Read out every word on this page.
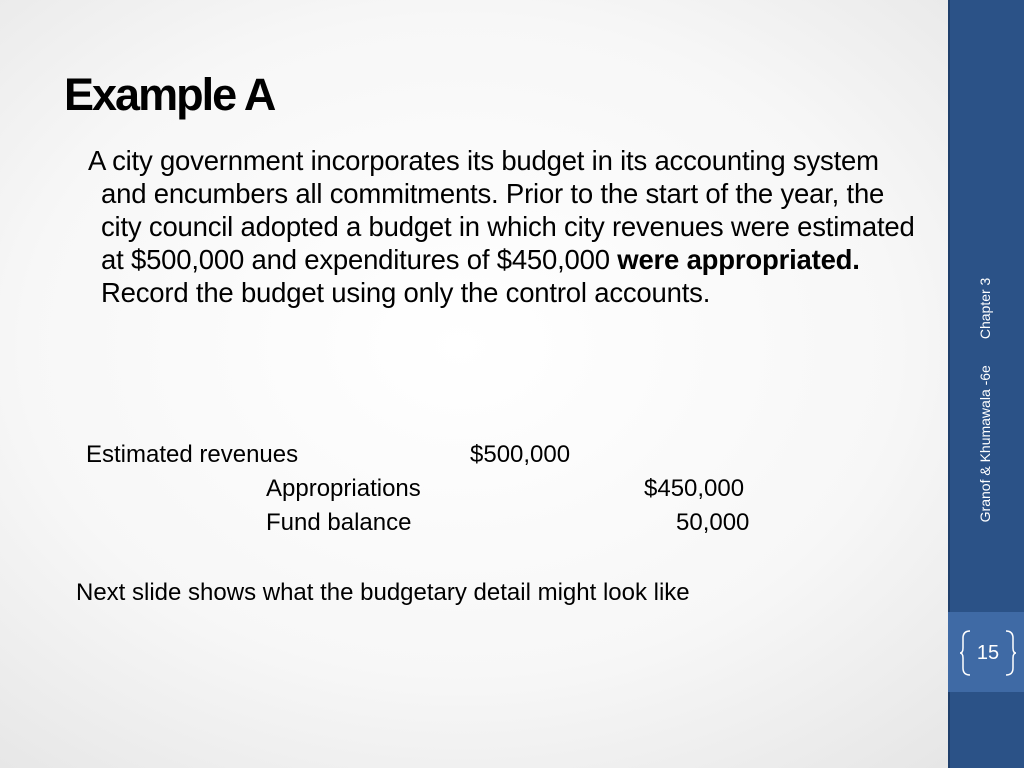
Example A

A city government incorporates its budget in its accounting system and encumbers all commitments. Prior to the start of the year, the city council adopted a budget in which city revenues were estimated at $500,000 and expenditures of $450,000 were appropriated. Record the budget using only the control accounts.

Estimated revenues	$500,000
Appropriations	$450,000
Fund balance	50,000
Next slide shows what the budgetary detail might look like
Granof & Khumawala -6eChapter 3
15
